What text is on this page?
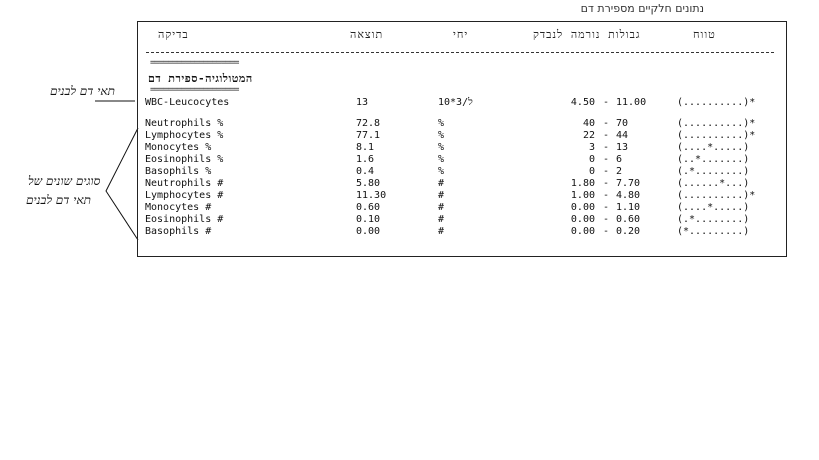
נתונים חלקיים מספירת דם
תאי דם לבנים
סוגים שונים של
תאי דם לבנים
בדיקה	תוצאה	יחי	גבולות נורמה לנבדק	טווח
====================
המטולוגיה-ספירת דם
====================
WBC-Leucocytes	13	10*3/ל	4.50 - 11.00	(..........)*
Neutrophils %	72.8	%	40 - 70	(..........)*
Lymphocytes %	77.1	%	22 - 44	(..........)*
Monocytes %	8.1	%	3 - 13	(....*.....)
Eosinophils %	1.6	%	0 - 6	(..*.......)
Basophils %	0.4	%	0 - 2	(.*........)
Neutrophils #	5.80	#	1.80 - 7.70	(......*...)
Lymphocytes #	11.30	#	1.00 - 4.80	(..........)*
Monocytes #	0.60	#	0.00 - 1.10	(....*.....)
Eosinophils #	0.10	#	0.00 - 0.60	(.*........)
Basophils #	0.00	#	0.00 - 0.20	(*.........)
